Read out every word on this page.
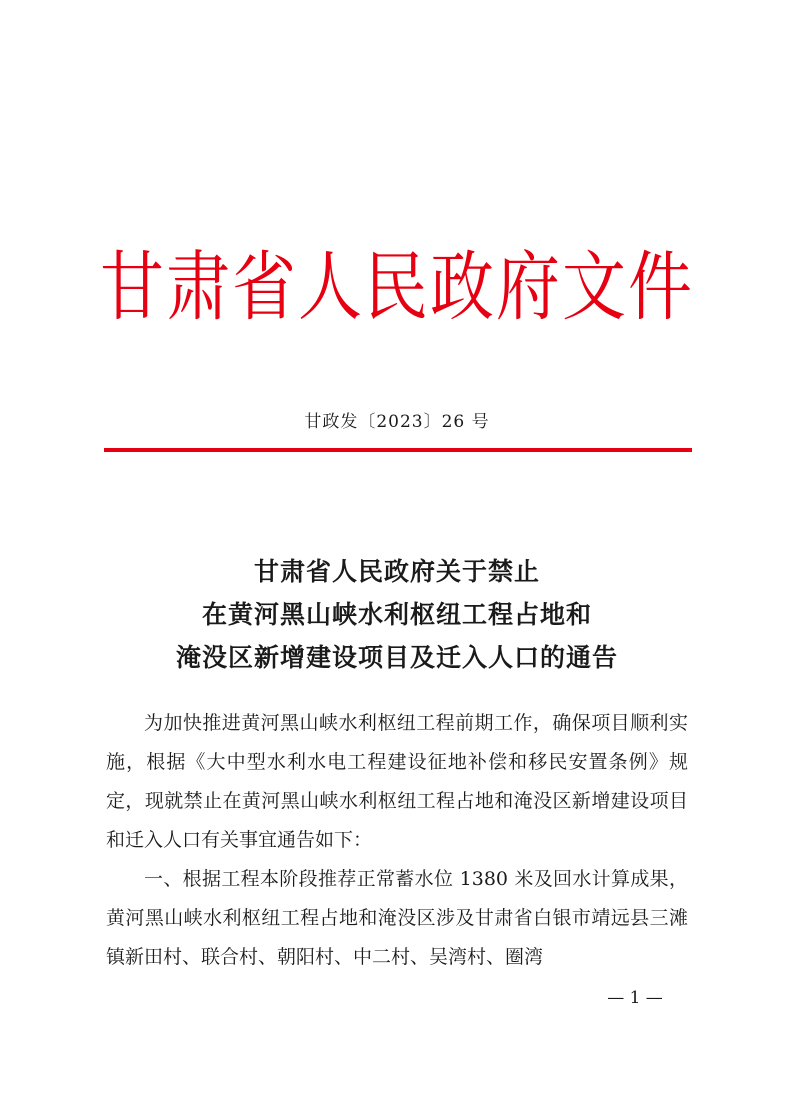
甘肃省人民政府文件
甘政发〔2023〕26 号
甘肃省人民政府关于禁止
在黄河黑山峡水利枢纽工程占地和
淹没区新增建设项目及迁入人口的通告

为加快推进黄河黑山峡水利枢纽工程前期工作，确保项目顺利实施，根据《大中型水利水电工程建设征地补偿和移民安置条例》规定，现就禁止在黄河黑山峡水利枢纽工程占地和淹没区新增建设项目和迁入人口有关事宜通告如下：

一、根据工程本阶段推荐正常蓄水位 1380 米及回水计算成果，黄河黑山峡水利枢纽工程占地和淹没区涉及甘肃省白银市靖远县三滩镇新田村、联合村、朝阳村、中二村、吴湾村、圈湾

— 1 —
